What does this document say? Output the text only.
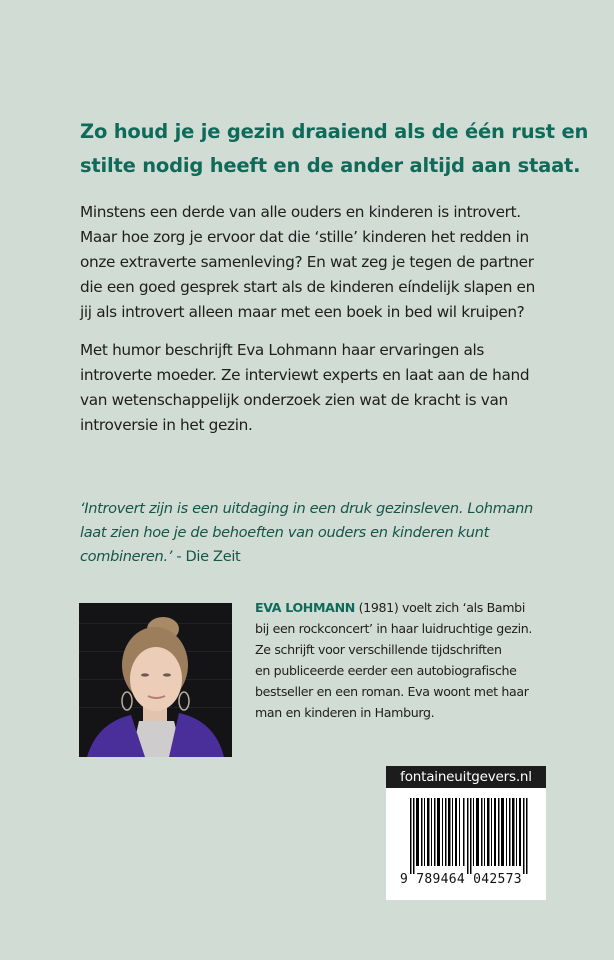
Zo houd je je gezin draaiend als de één rust en
stilte nodig heeft en de ander altijd aan staat.

Minstens een derde van alle ouders en kinderen is introvert.
Maar hoe zorg je ervoor dat die ‘stille’ kinderen het redden in
onze extraverte samenleving? En wat zeg je tegen de partner
die een goed gesprek start als de kinderen eíndelijk slapen en
jij als introvert alleen maar met een boek in bed wil kruipen?

Met humor beschrijft Eva Lohmann haar ervaringen als
introverte moeder. Ze interviewt experts en laat aan de hand
van wetenschappelijk onderzoek zien wat de kracht is van
introversie in het gezin.

‘Introvert zijn is een uitdaging in een druk gezinsleven. Lohmann
laat zien hoe je de behoeften van ouders en kinderen kunt
combineren.’ - Die Zeit

EVA LOHMANN (1981) voelt zich ‘als Bambi
bij een rockconcert’ in haar luidruchtige gezin.
Ze schrijft voor verschillende tijdschriften
en publiceerde eerder een autobiografische
bestseller en een roman. Eva woont met haar
man en kinderen in Hamburg.

fontaineuitgevers.nl
9 789464 042573
